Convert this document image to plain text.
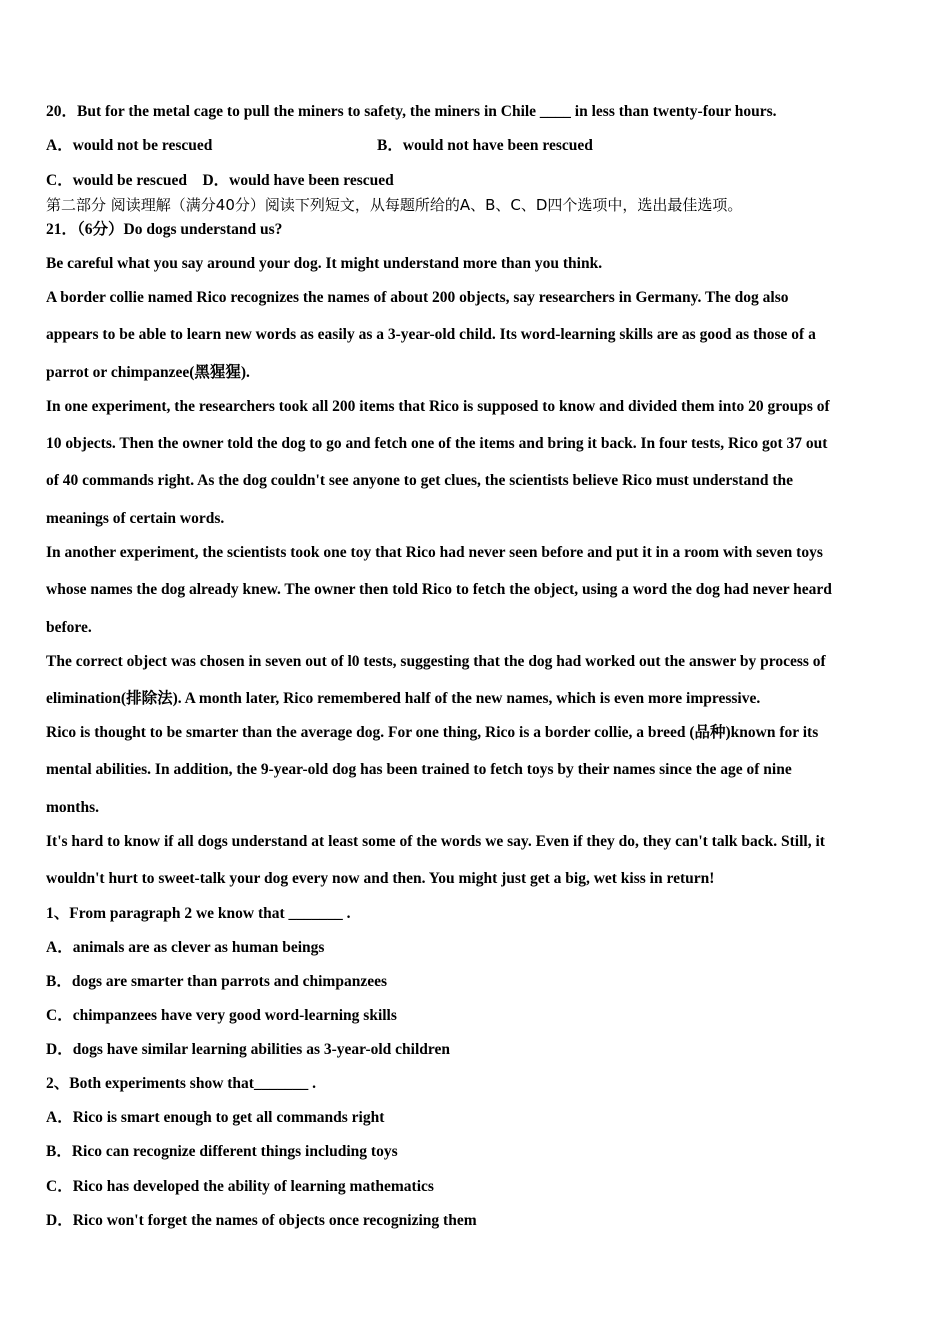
20．But for the metal cage to pull the miners to safety, the miners in Chile ____ in less than twenty-four hours.
A．would not be rescued	B．would not have been rescued
C．would be rescued　D．would have been rescued
第二部分 阅读理解（满分40分）阅读下列短文，从每题所给的A、B、C、D四个选项中，选出最佳选项。
21．（6分）Do dogs understand us?
Be careful what you say around your dog. It might understand more than you think.
A border collie named Rico recognizes the names of about 200 objects, say researchers in Germany. The dog also
appears to be able to learn new words as easily as a 3-year-old child. Its word-learning skills are as good as those of a
parrot or chimpanzee(黑猩猩).
In one experiment, the researchers took all 200 items that Rico is supposed to know and divided them into 20 groups of
10 objects. Then the owner told the dog to go and fetch one of the items and bring it back. In four tests, Rico got 37 out
of 40 commands right. As the dog couldn't see anyone to get clues, the scientists believe Rico must understand the
meanings of certain words.
In another experiment, the scientists took one toy that Rico had never seen before and put it in a room with seven toys
whose names the dog already knew. The owner then told Rico to fetch the object, using a word the dog had never heard
before.
The correct object was chosen in seven out of l0 tests, suggesting that the dog had worked out the answer by process of
elimination(排除法). A month later, Rico remembered half of the new names, which is even more impressive.
Rico is thought to be smarter than the average dog. For one thing, Rico is a border collie, a breed (品种)known for its
mental abilities. In addition, the 9-year-old dog has been trained to fetch toys by their names since the age of nine
months.
It's hard to know if all dogs understand at least some of the words we say. Even if they do, they can't talk back. Still, it
wouldn't hurt to sweet-talk your dog every now and then. You might just get a big, wet kiss in return!
1、From paragraph 2 we know that _______ .
A．animals are as clever as human beings
B．dogs are smarter than parrots and chimpanzees
C．chimpanzees have very good word-learning skills
D．dogs have similar learning abilities as 3-year-old children
2、Both experiments show that_______ .
A．Rico is smart enough to get all commands right
B．Rico can recognize different things including toys
C．Rico has developed the ability of learning mathematics
D．Rico won't forget the names of objects once recognizing them
